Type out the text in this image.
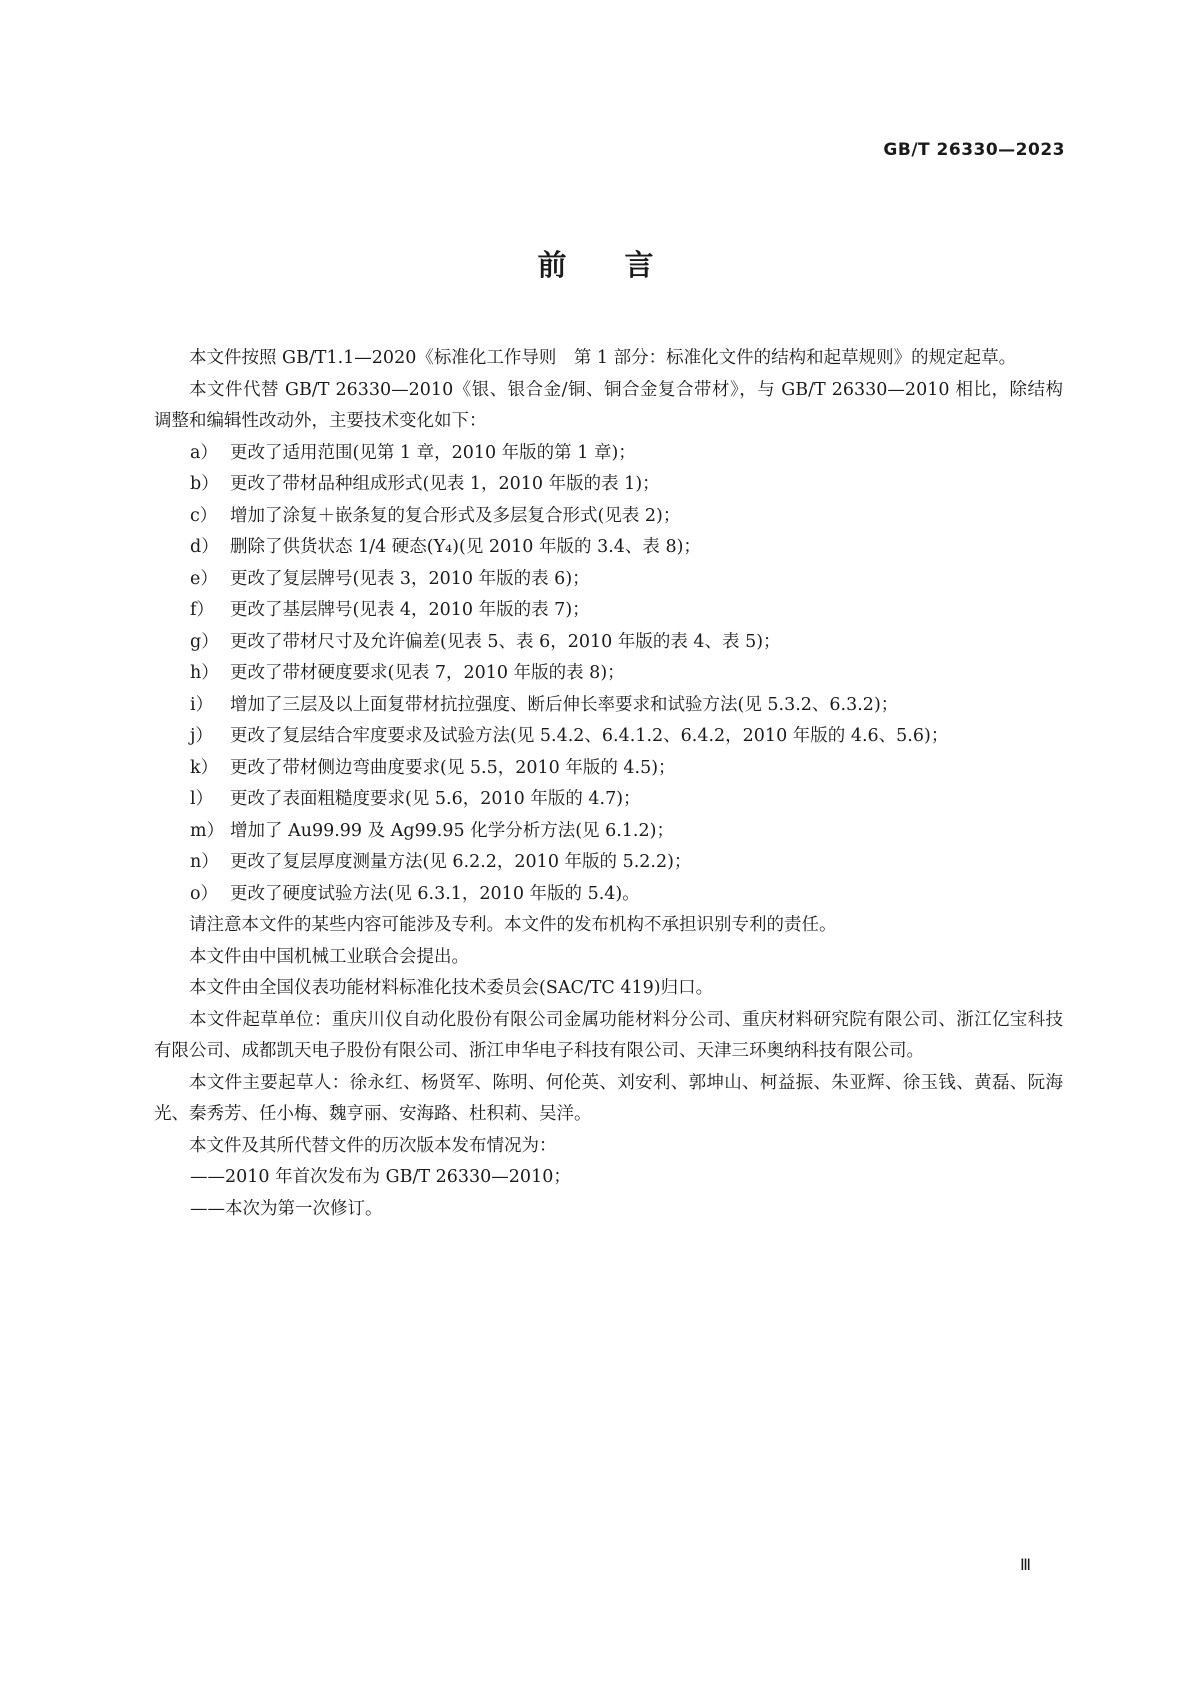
GB/T 26330—2023
前言

本文件按照 GB/T1.1—2020《标准化工作导则　第 1 部分：标准化文件的结构和起草规则》的规定起草。

本文件代替 GB/T 26330—2010《银、银合金/铜、铜合金复合带材》，与 GB/T 26330—2010 相比，除结构调整和编辑性改动外，主要技术变化如下：

a） 更改了适用范围(见第 1 章，2010 年版的第 1 章)；

b） 更改了带材品种组成形式(见表 1，2010 年版的表 1)；

c） 增加了涂复＋嵌条复的复合形式及多层复合形式(见表 2)；

d） 删除了供货状态 1/4 硬态(Y₄)(见 2010 年版的 3.4、表 8)；

e） 更改了复层牌号(见表 3，2010 年版的表 6)；

f） 更改了基层牌号(见表 4，2010 年版的表 7)；

g） 更改了带材尺寸及允许偏差(见表 5、表 6，2010 年版的表 4、表 5)；

h） 更改了带材硬度要求(见表 7，2010 年版的表 8)；

i） 增加了三层及以上面复带材抗拉强度、断后伸长率要求和试验方法(见 5.3.2、6.3.2)；

j） 更改了复层结合牢度要求及试验方法(见 5.4.2、6.4.1.2、6.4.2，2010 年版的 4.6、5.6)；

k） 更改了带材侧边弯曲度要求(见 5.5，2010 年版的 4.5)；

l） 更改了表面粗糙度要求(见 5.6，2010 年版的 4.7)；

m） 增加了 Au99.99 及 Ag99.95 化学分析方法(见 6.1.2)；

n） 更改了复层厚度测量方法(见 6.2.2，2010 年版的 5.2.2)；

o） 更改了硬度试验方法(见 6.3.1，2010 年版的 5.4)。

请注意本文件的某些内容可能涉及专利。本文件的发布机构不承担识别专利的责任。

本文件由中国机械工业联合会提出。

本文件由全国仪表功能材料标准化技术委员会(SAC/TC 419)归口。

本文件起草单位：重庆川仪自动化股份有限公司金属功能材料分公司、重庆材料研究院有限公司、浙江亿宝科技有限公司、成都凯天电子股份有限公司、浙江申华电子科技有限公司、天津三环奥纳科技有限公司。

本文件主要起草人：徐永红、杨贤军、陈明、何伦英、刘安利、郭坤山、柯益振、朱亚辉、徐玉钱、黄磊、阮海光、秦秀芳、任小梅、魏亨丽、安海路、杜积莉、吴洋。

本文件及其所代替文件的历次版本发布情况为：

——2010 年首次发布为 GB/T 26330—2010；

——本次为第一次修订。

Ⅲ
